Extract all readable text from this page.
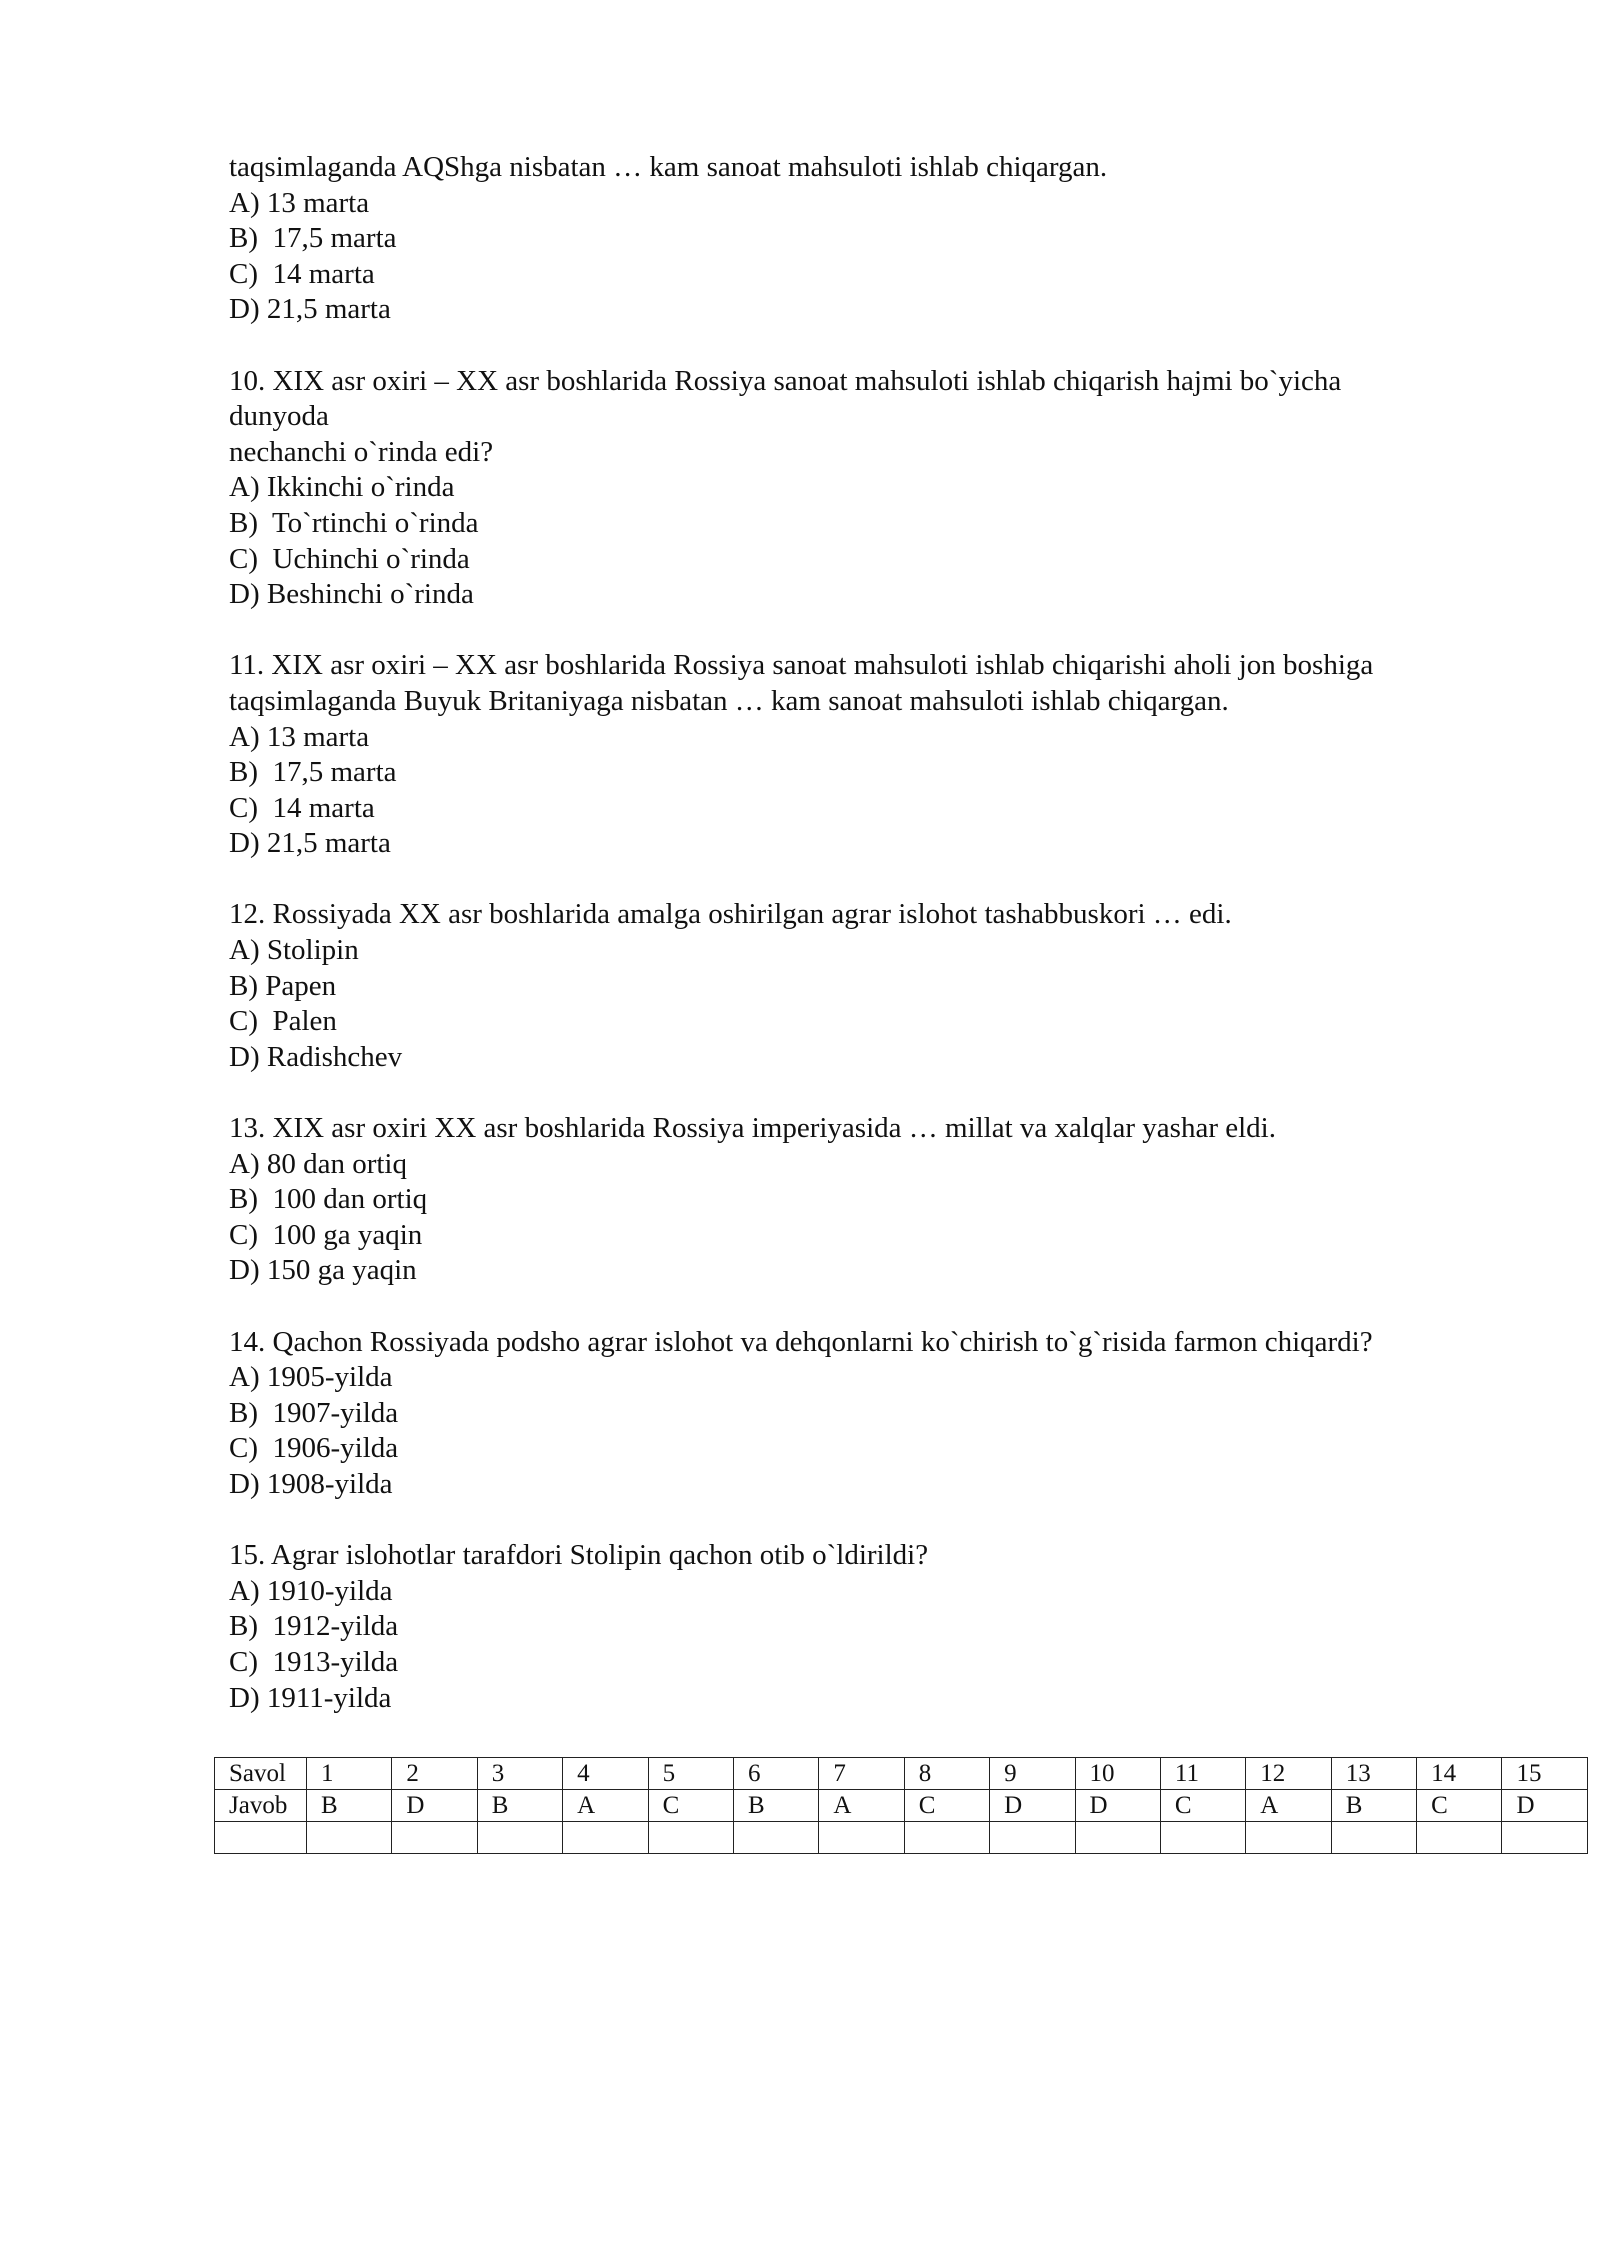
taqsimlaganda AQShga nisbatan … kam sanoat mahsuloti ishlab chiqargan.

A) 13 marta

B)  17,5 marta

C)  14 marta

D) 21,5 marta

10. XIX asr oxiri – XX asr boshlarida Rossiya sanoat mahsuloti ishlab chiqarish hajmi bo`yicha

dunyoda

nechanchi o`rinda edi?

A) Ikkinchi o`rinda

B)  To`rtinchi o`rinda

C)  Uchinchi o`rinda

D) Beshinchi o`rinda

11. XIX asr oxiri – XX asr boshlarida Rossiya sanoat mahsuloti ishlab chiqarishi aholi jon boshiga

taqsimlaganda Buyuk Britaniyaga nisbatan … kam sanoat mahsuloti ishlab chiqargan.

A) 13 marta

B)  17,5 marta

C)  14 marta

D) 21,5 marta

12. Rossiyada XX asr boshlarida amalga oshirilgan agrar islohot tashabbuskori … edi.

A) Stolipin

B) Papen

C)  Palen

D) Radishchev

13. XIX asr oxiri XX asr boshlarida Rossiya imperiyasida … millat va xalqlar yashar eldi.

A) 80 dan ortiq

B)  100 dan ortiq

C)  100 ga yaqin

D) 150 ga yaqin

14. Qachon Rossiyada podsho agrar islohot va dehqonlarni ko`chirish to`g`risida farmon chiqardi?

A) 1905-yilda

B)  1907-yilda

C)  1906-yilda

D) 1908-yilda

15. Agrar islohotlar tarafdori Stolipin qachon otib o`ldirildi?

A) 1910-yilda

B)  1912-yilda

C)  1913-yilda

D) 1911-yilda

Savol	1	2	3	4	5	6	7	8	9	10	11	12	13	14	15
Javob	B	D	B	A	C	B	A	C	D	D	C	A	B	C	D
